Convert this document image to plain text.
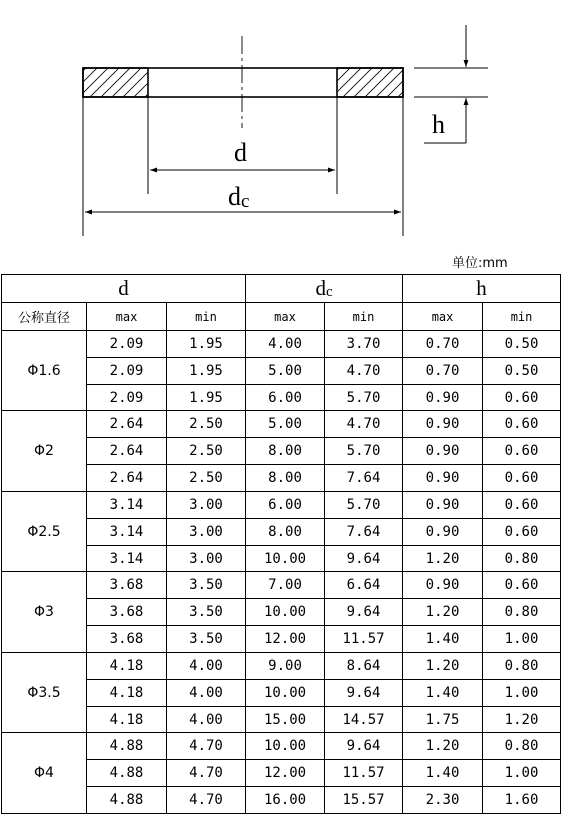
d
dc
h
单位:mm
d			dc		h	
公称直径	max	min	max	min	max	min
Φ1.6	2.09	1.95	4.00	3.70	0.70	0.50
	2.09	1.95	5.00	4.70	0.70	0.50
	2.09	1.95	6.00	5.70	0.90	0.60
Φ2	2.64	2.50	5.00	4.70	0.90	0.60
	2.64	2.50	8.00	5.70	0.90	0.60
	2.64	2.50	8.00	7.64	0.90	0.60
Φ2.5	3.14	3.00	6.00	5.70	0.90	0.60
	3.14	3.00	8.00	7.64	0.90	0.60
	3.14	3.00	10.00	9.64	1.20	0.80
Φ3	3.68	3.50	7.00	6.64	0.90	0.60
	3.68	3.50	10.00	9.64	1.20	0.80
	3.68	3.50	12.00	11.57	1.40	1.00
Φ3.5	4.18	4.00	9.00	8.64	1.20	0.80
	4.18	4.00	10.00	9.64	1.40	1.00
	4.18	4.00	15.00	14.57	1.75	1.20
Φ4	4.88	4.70	10.00	9.64	1.20	0.80
	4.88	4.70	12.00	11.57	1.40	1.00
	4.88	4.70	16.00	15.57	2.30	1.60
